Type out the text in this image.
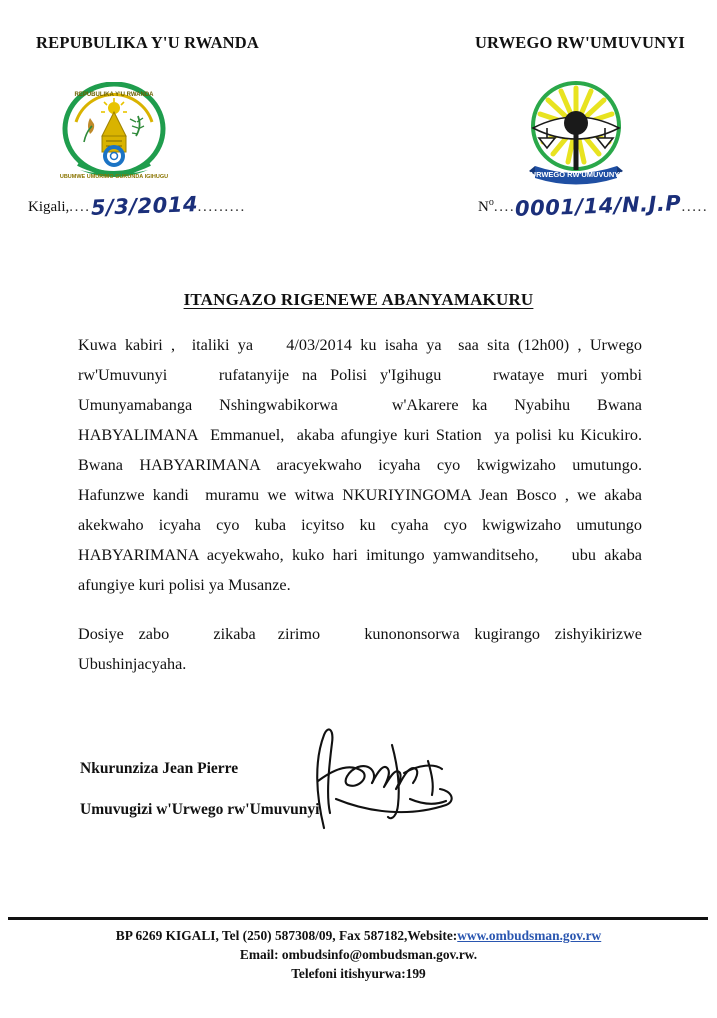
REPUBULIKA Y'U RWANDA	URWEGO RW'UMUVUNYI
REPUBULIKA Y'U RWANDA
UBUMWE UMURIMO GUKUNDA IGIHUGU	URWEGO RW'UMUVUNYI
Kigali,....5/3/2014.........	$N^o....0001/14/N.J.P$.....
ITANGAZO RIGENEWE ABANYAMAKURU

Kuwa kabiri ,  italiki ya    4/03/2014 ku isaha ya  saa sita (12h00) , Urwego rw'Umuvunyi    rufatanyije na Polisi y'Igihugu    rwataye muri yombi Umunyamabanga  Nshingwabikorwa    w'Akarere ka  Nyabihu  Bwana HABYALIMANA  Emmanuel,  akaba afungiye kuri Station  ya polisi ku Kicukiro. Bwana  HABYARIMANA  aracyekwaho  icyaha  cyo  kwigwizaho  umutungo. Hafunzwe kandi  muramu we witwa NKURIYINGOMA Jean Bosco , we akaba akekwaho  icyaha  cyo  kuba  icyitso  ku  cyaha  cyo  kwigwizaho  umutungo HABYARIMANA acyekwaho, kuko hari imitungo yamwanditseho,    ubu akaba afungiye kuri polisi ya Musanze.

Dosiye  zabo      zikaba   zirimo      kunononsorwa  kugirango  zishyikirizwe Ubushinjacyaha.

Nkurunziza Jean Pierre
Umuvugizi w'Urwego rw'Umuvunyi
BP 6269 KIGALI, Tel (250) 587308/09, Fax 587182,Website:www.ombudsman.gov.rw
Email: ombudsinfo@ombudsman.gov.rw.
Telefoni itishyurwa:199
